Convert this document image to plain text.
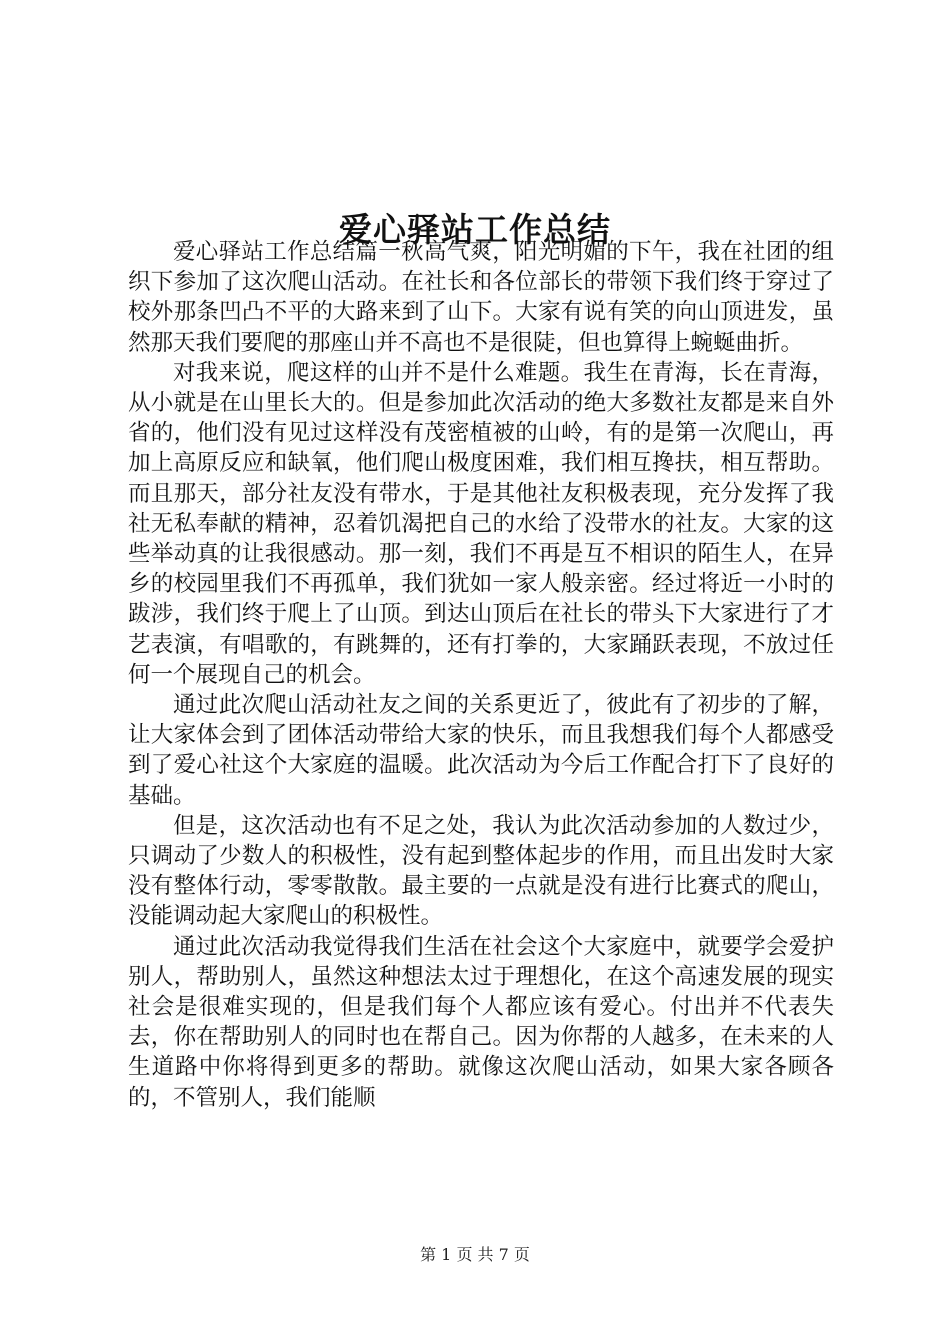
爱心驿站工作总结

爱心驿站工作总结篇一秋高气爽，阳光明媚的下午，我在社团的组织下参加了这次爬山活动。在社长和各位部长的带领下我们终于穿过了校外那条凹凸不平的大路来到了山下。大家有说有笑的向山顶进发，虽然那天我们要爬的那座山并不高也不是很陡，但也算得上蜿蜒曲折。

对我来说，爬这样的山并不是什么难题。我生在青海，长在青海，从小就是在山里长大的。但是参加此次活动的绝大多数社友都是来自外省的，他们没有见过这样没有茂密植被的山岭，有的是第一次爬山，再加上高原反应和缺氧，他们爬山极度困难，我们相互搀扶，相互帮助。而且那天，部分社友没有带水，于是其他社友积极表现，充分发挥了我社无私奉献的精神，忍着饥渴把自己的水给了没带水的社友。大家的这些举动真的让我很感动。那一刻，我们不再是互不相识的陌生人，在异乡的校园里我们不再孤单，我们犹如一家人般亲密。经过将近一小时的跋涉，我们终于爬上了山顶。到达山顶后在社长的带头下大家进行了才艺表演，有唱歌的，有跳舞的，还有打拳的，大家踊跃表现，不放过任何一个展现自己的机会。

通过此次爬山活动社友之间的关系更近了，彼此有了初步的了解，让大家体会到了团体活动带给大家的快乐，而且我想我们每个人都感受到了爱心社这个大家庭的温暖。此次活动为今后工作配合打下了良好的基础。

但是，这次活动也有不足之处，我认为此次活动参加的人数过少，只调动了少数人的积极性，没有起到整体起步的作用，而且出发时大家没有整体行动，零零散散。最主要的一点就是没有进行比赛式的爬山，没能调动起大家爬山的积极性。

通过此次活动我觉得我们生活在社会这个大家庭中，就要学会爱护别人，帮助别人，虽然这种想法太过于理想化，在这个高速发展的现实社会是很难实现的，但是我们每个人都应该有爱心。付出并不代表失去，你在帮助别人的同时也在帮自己。因为你帮的人越多，在未来的人生道路中你将得到更多的帮助。就像这次爬山活动，如果大家各顾各的，不管别人，我们能顺

第 1 页 共 7 页
